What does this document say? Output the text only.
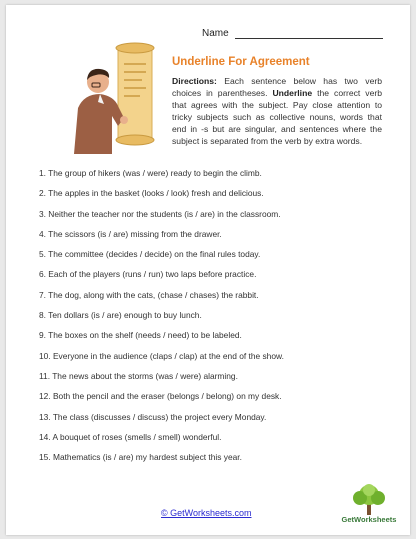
Name
Underline For Agreement
Directions: Each sentence below has two verb choices in parentheses. Underline the correct verb that agrees with the subject. Pay close attention to tricky subjects such as collective nouns, words that end in -s but are singular, and sentences where the subject is separated from the verb by extra words.
1. The group of hikers (was / were) ready to begin the climb.
2. The apples in the basket (looks / look) fresh and delicious.
3. Neither the teacher nor the students (is / are) in the classroom.
4. The scissors (is / are) missing from the drawer.
5. The committee (decides / decide) on the final rules today.
6. Each of the players (runs / run) two laps before practice.
7. The dog, along with the cats, (chase / chases) the rabbit.
8. Ten dollars (is / are) enough to buy lunch.
9. The boxes on the shelf (needs / need) to be labeled.
10. Everyone in the audience (claps / clap) at the end of the show.
11. The news about the storms (was / were) alarming.
12. Both the pencil and the eraser (belongs / belong) on my desk.
13. The class (discusses / discuss) the project every Monday.
14. A bouquet of roses (smells / smell) wonderful.
15. Mathematics (is / are) my hardest subject this year.
© GetWorksheets.com
GetWorksheets
